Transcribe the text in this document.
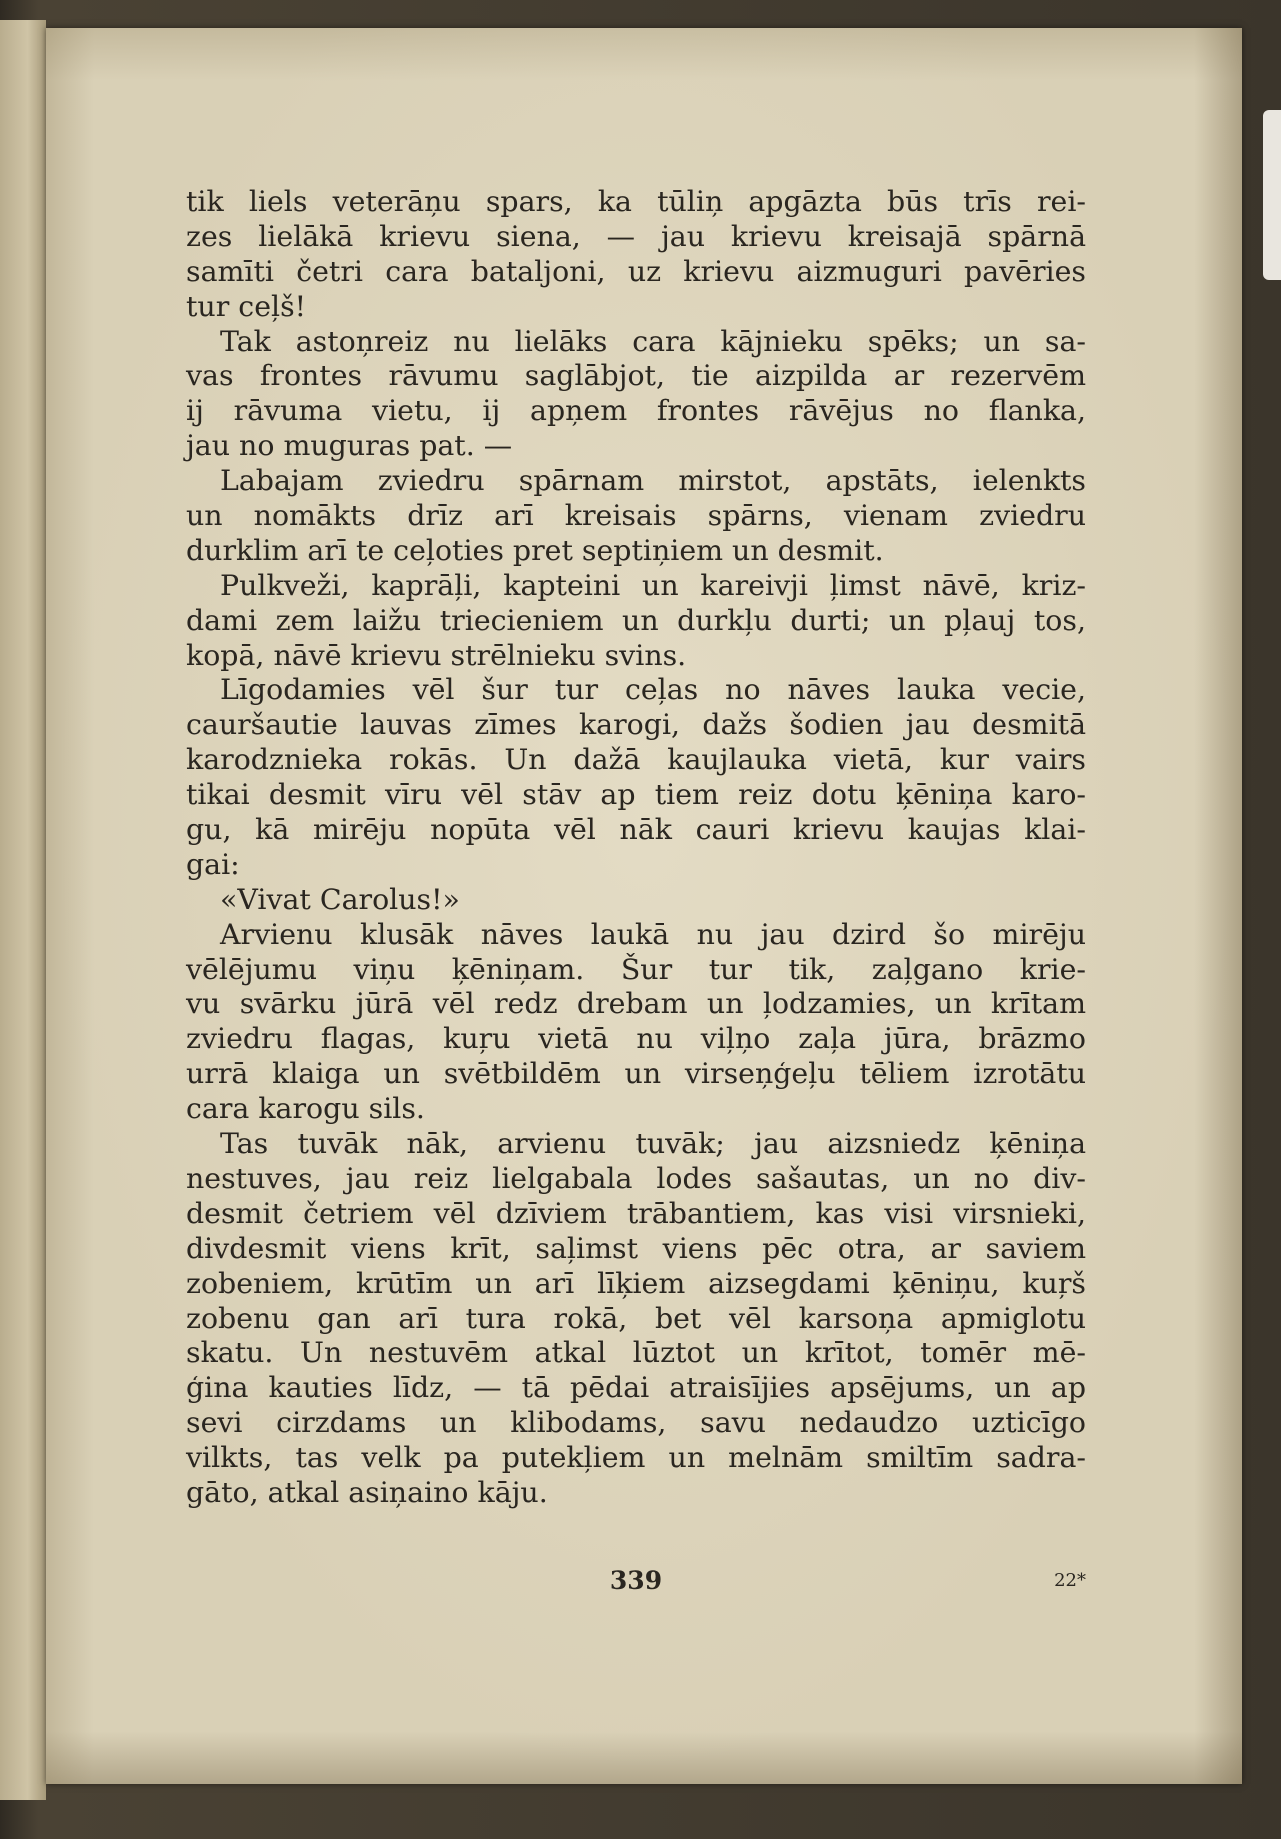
tik liels veterāņu spars, ka tūliņ apgāzta būs trīs rei-
zes lielākā krievu siena, — jau krievu kreisajā spārnā
samīti četri cara bataljoni, uz krievu aizmuguri pavēries
tur ceļš!
Tak astoņreiz nu lielāks cara kājnieku spēks; un sa-
vas frontes rāvumu saglābjot, tie aizpilda ar rezervēm
ij rāvuma vietu, ij apņem frontes rāvējus no flanka,
jau no muguras pat. —
Labajam zviedru spārnam mirstot, apstāts, ielenkts
un nomākts drīz arī kreisais spārns, vienam zviedru
durklim arī te ceļoties pret septiņiem un desmit.
Pulkveži, kaprāļi, kapteini un kareivji ļimst nāvē, kriz-
dami zem laižu triecieniem un durkļu durti; un pļauj tos,
kopā, nāvē krievu strēlnieku svins.
Līgodamies vēl šur tur ceļas no nāves lauka vecie,
cauršautie lauvas zīmes karogi, dažs šodien jau desmitā
karodznieka rokās. Un dažā kaujlauka vietā, kur vairs
tikai desmit vīru vēl stāv ap tiem reiz dotu ķēniņa karo-
gu, kā mirēju nopūta vēl nāk cauri krievu kaujas klai-
gai:
«Vivat Carolus!»
Arvienu klusāk nāves laukā nu jau dzird šo mirēju
vēlējumu viņu ķēniņam. Šur tur tik, zaļgano krie-
vu svārku jūrā vēl redz drebam un ļodzamies, un krītam
zviedru flagas, kuŗu vietā nu viļņo zaļa jūra, brāzmo
urrā klaiga un svētbildēm un virseņģeļu tēliem izrotātu
cara karogu sils.
Tas tuvāk nāk, arvienu tuvāk; jau aizsniedz ķēniņa
nestuves, jau reiz lielgabala lodes sašautas, un no div-
desmit četriem vēl dzīviem trābantiem, kas visi virsnieki,
divdesmit viens krīt, saļimst viens pēc otra, ar saviem
zobeniem, krūtīm un arī līķiem aizsegdami ķēniņu, kuŗš
zobenu gan arī tura rokā, bet vēl karsoņa apmiglotu
skatu. Un nestuvēm atkal lūztot un krītot, tomēr mē-
ģina kauties līdz, — tā pēdai atraisījies apsējums, un ap
sevi cirzdams un klibodams, savu nedaudzo uzticīgo
vilkts, tas velk pa putekļiem un melnām smiltīm sadra-
gāto, atkal asiņaino kāju.
339	22*
